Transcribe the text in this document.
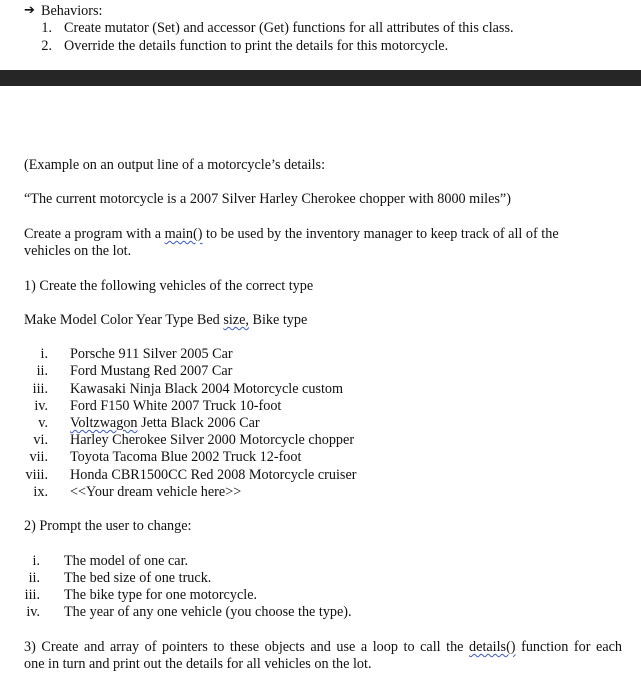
➔ Behaviors:
1. Create mutator (Set) and accessor (Get) functions for all attributes of this class.
2. Override the details function to print the details for this motorcycle.
(Example on an output line of a motorcycle’s details:
“The current motorcycle is a 2007 Silver Harley Cherokee chopper with 8000 miles”)
Create a program with a main() to be used by the inventory manager to keep track of all of the
vehicles on the lot.
1) Create the following vehicles of the correct type
Make Model Color Year Type Bed size, Bike type
i. Porsche 911 Silver 2005 Car
ii. Ford Mustang Red 2007 Car
iii. Kawasaki Ninja Black 2004 Motorcycle custom
iv. Ford F150 White 2007 Truck 10-foot
v. Voltzwagon Jetta Black 2006 Car
vi. Harley Cherokee Silver 2000 Motorcycle chopper
vii. Toyota Tacoma Blue 2002 Truck 12-foot
viii. Honda CBR1500CC Red 2008 Motorcycle cruiser
ix. <<Your dream vehicle here>>
2) Prompt the user to change:
i. The model of one car.
ii. The bed size of one truck.
iii. The bike type for one motorcycle.
iv. The year of any one vehicle (you choose the type).
3) Create and array of pointers to these objects and use a loop to call the details() function for each
one in turn and print out the details for all vehicles on the lot.
